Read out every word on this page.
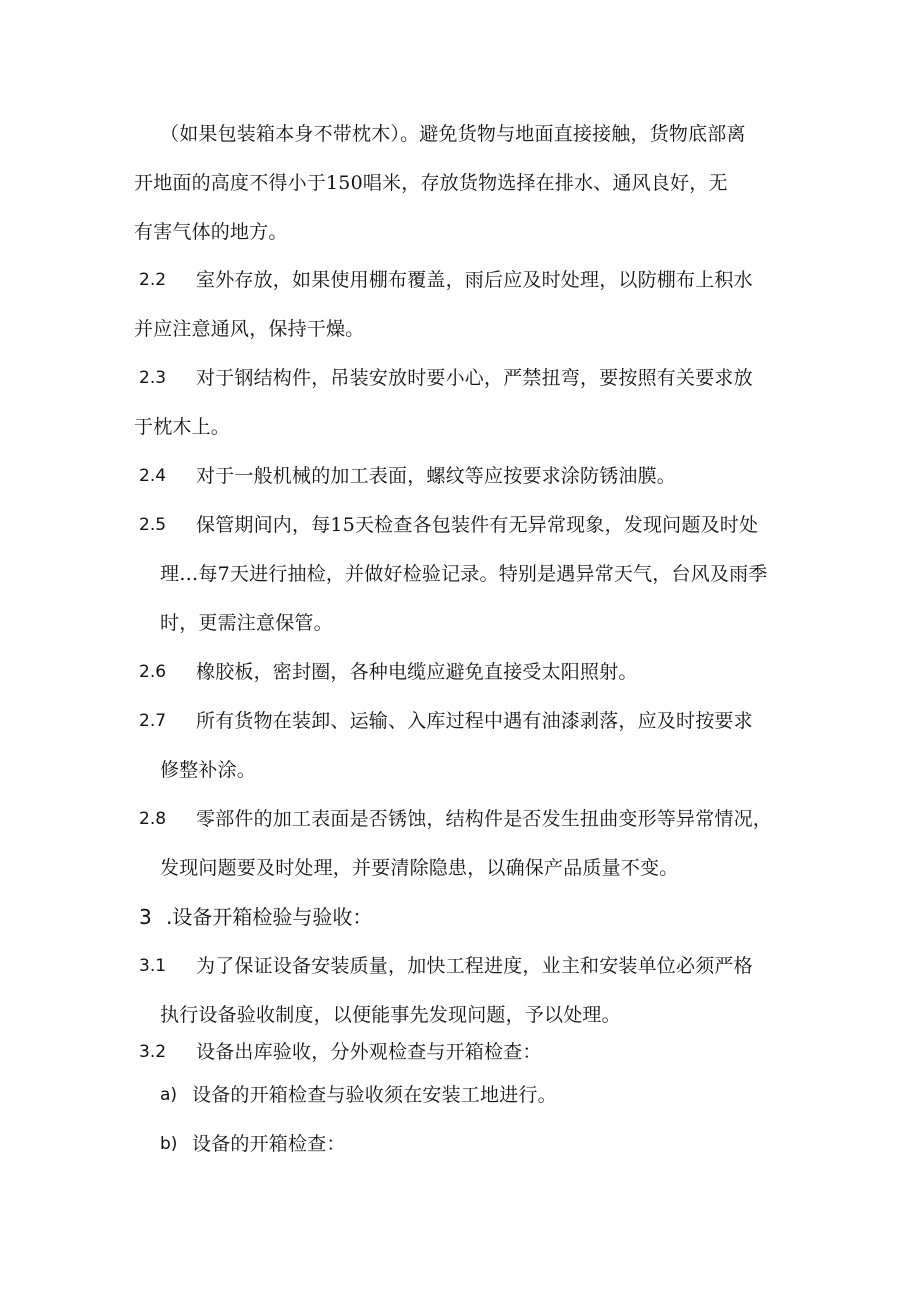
（如果包装箱本身不带枕木）。避免货物与地面直接接触，货物底部离
开地面的高度不得小于150唱米，存放货物选择在排水、通风良好，无
有害气体的地方。
2.2 室外存放，如果使用棚布覆盖，雨后应及时处理，以防棚布上积水
并应注意通风，保持干燥。
2.3 对于钢结构件，吊装安放时要小心，严禁扭弯，要按照有关要求放
于枕木上。
2.4 对于一般机械的加工表面，螺纹等应按要求涂防锈油膜。
2.5 保管期间内，每15天检查各包装件有无异常现象，发现问题及时处
理…每7天进行抽检，并做好检验记录。特别是遇异常天气，台风及雨季
时，更需注意保管。
2.6 橡胶板，密封圈，各种电缆应避免直接受太阳照射。
2.7 所有货物在装卸、运输、入库过程中遇有油漆剥落，应及时按要求
修整补涂。
2.8 零部件的加工表面是否锈蚀，结构件是否发生扭曲变形等异常情况，
发现问题要及时处理，并要清除隐患，以确保产品质量不变。
3 .设备开箱检验与验收：
3.1 为了保证设备安装质量，加快工程进度，业主和安装单位必须严格
执行设备验收制度，以便能事先发现问题，予以处理。
3.2 设备出库验收，分外观检查与开箱检查：
a) 设备的开箱检查与验收须在安装工地进行。
b) 设备的开箱检查：
